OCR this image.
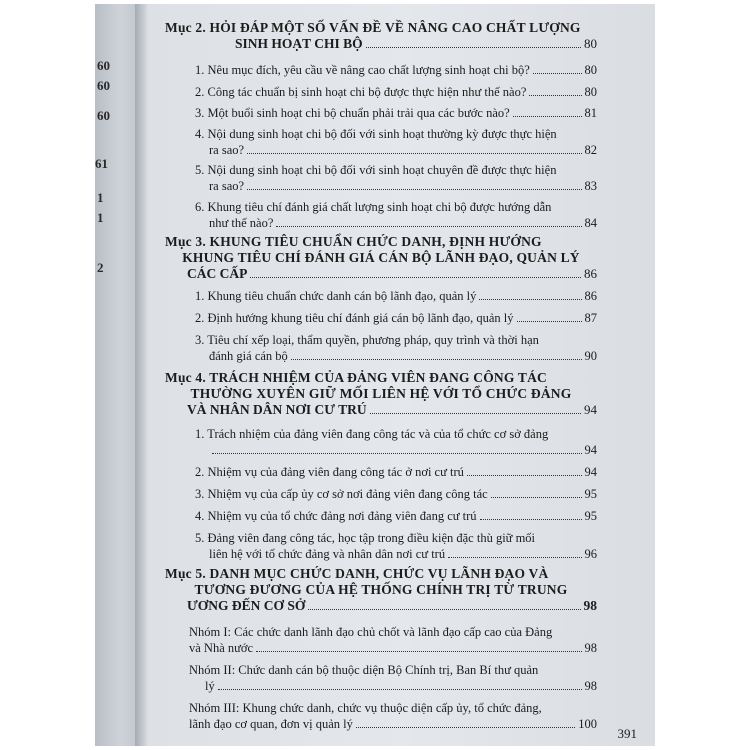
60
60
60
61
1
1
2
Mục 2. HỎI ĐÁP MỘT SỐ VẤN ĐỀ VỀ NÂNG CAO CHẤT LƯỢNG
SINH HOẠT CHI BỘ	80
1. Nêu mục đích, yêu cầu về nâng cao chất lượng sinh hoạt chi bộ?	80
2. Công tác chuẩn bị sinh hoạt chi bộ được thực hiện như thế nào?	80
3. Một buổi sinh hoạt chi bộ chuẩn phải trải qua các bước nào?	81
4. Nội dung sinh hoạt chi bộ đối với sinh hoạt thường kỳ được thực hiện
ra sao?	82
5. Nội dung sinh hoạt chi bộ đối với sinh hoạt chuyên đề được thực hiện
ra sao?	83
6. Khung tiêu chí đánh giá chất lượng sinh hoạt chi bộ được hướng dẫn
như thế nào?	84
Mục 3. KHUNG TIÊU CHUẨN CHỨC DANH, ĐỊNH HƯỚNG
KHUNG TIÊU CHÍ ĐÁNH GIÁ CÁN BỘ LÃNH ĐẠO, QUẢN LÝ
CÁC CẤP	86
1. Khung tiêu chuẩn chức danh cán bộ lãnh đạo, quản lý	86
2. Định hướng khung tiêu chí đánh giá cán bộ lãnh đạo, quản lý	87
3. Tiêu chí xếp loại, thẩm quyền, phương pháp, quy trình và thời hạn
đánh giá cán bộ	90
Mục 4. TRÁCH NHIỆM CỦA ĐẢNG VIÊN ĐANG CÔNG TÁC
THƯỜNG XUYÊN GIỮ MỐI LIÊN HỆ VỚI TỔ CHỨC ĐẢNG
VÀ NHÂN DÂN NƠI CƯ TRÚ	94
1. Trách nhiệm của đảng viên đang công tác và của tổ chức cơ sở đảng
94
2. Nhiệm vụ của đảng viên đang công tác ở nơi cư trú	94
3. Nhiệm vụ của cấp ủy cơ sở nơi đảng viên đang công tác	95
4. Nhiệm vụ của tổ chức đảng nơi đảng viên đang cư trú	95
5. Đảng viên đang công tác, học tập trong điều kiện đặc thù giữ mối
liên hệ với tổ chức đảng và nhân dân nơi cư trú	96
Mục 5. DANH MỤC CHỨC DANH, CHỨC VỤ LÃNH ĐẠO VÀ
TƯƠNG ĐƯƠNG CỦA HỆ THỐNG CHÍNH TRỊ TỪ TRUNG
ƯƠNG ĐẾN CƠ SỞ	98
Nhóm I: Các chức danh lãnh đạo chủ chốt và lãnh đạo cấp cao của Đảng
và Nhà nước	98
Nhóm II: Chức danh cán bộ thuộc diện Bộ Chính trị, Ban Bí thư quản
lý	98
Nhóm III: Khung chức danh, chức vụ thuộc diện cấp ủy, tổ chức đảng,
lãnh đạo cơ quan, đơn vị quản lý	100
391
